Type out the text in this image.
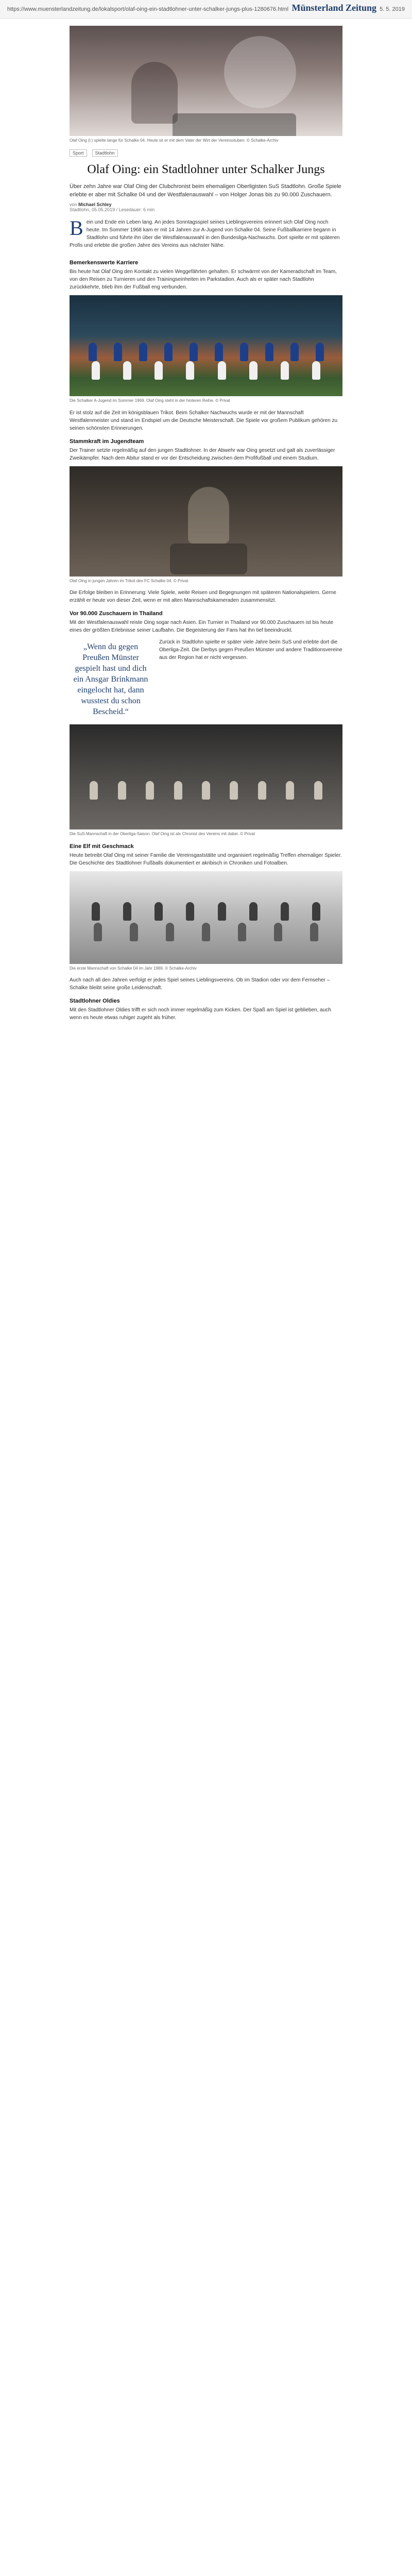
https://www.muensterlandzeitung.de/lokalsport/olaf-oing-ein-stadtlohner-unter-schalker-jungs-plus-1280676.html Münsterland Zeitung 5. 5. 2019
Olaf Oing (l.) spielte lange für Schalke 04. Heute ist er mit dem Vater der Wirt der Vereinsstuben. © Schalke-Archiv
Sport	Stadtlohn
Olaf Oing: ein Stadtlohner unter Schalker Jungs

Über zehn Jahre war Olaf Oing der Clubchronist beim ehemaligen Oberligisten SuS Stadtlohn. Große Spiele erlebte er aber mit Schalke 04 und der Westfalenauswahl – von Holger Jonas bis zu 90.000 Zuschauern.

von Michael Schley
Stadtlohn, 05.05.2019 / Lesedauer: 6 min

Bein und Ende ein Leben lang. An jedes Sonntagsspiel seines Lieblingsvereins erinnert sich Olaf Oing noch heute. Im Sommer 1968 kam er mit 14 Jahren zur A-Jugend von Schalke 04. Seine Fußballkarriere begann in Stadtlohn und führte ihn über die Westfalenauswahl in den Bundesliga-Nachwuchs. Dort spielte er mit späteren Profis und erlebte die großen Jahre des Vereins aus nächster Nähe.

Bemerkenswerte Karriere

Bis heute hat Olaf Oing den Kontakt zu vielen Weggefährten gehalten. Er schwärmt von der Kameradschaft im Team, von den Reisen zu Turnieren und den Trainingseinheiten im Parkstadion. Auch als er später nach Stadtlohn zurückkehrte, blieb ihm der Fußball eng verbunden.

Die Schalker A-Jugend im Sommer 1969. Olaf Oing steht in der hinteren Reihe. © Privat

Er ist stolz auf die Zeit im königsblauen Trikot. Beim Schalker Nachwuchs wurde er mit der Mannschaft Westfalenmeister und stand im Endspiel um die Deutsche Meisterschaft. Die Spiele vor großem Publikum gehören zu seinen schönsten Erinnerungen.

Stammkraft im Jugendteam

Der Trainer setzte regelmäßig auf den jungen Stadtlohner. In der Abwehr war Oing gesetzt und galt als zuverlässiger Zweikämpfer. Nach dem Abitur stand er vor der Entscheidung zwischen dem Profifußball und einem Studium.

Olaf Oing in jungen Jahren im Trikot des FC Schalke 04. © Privat

Die Erfolge bleiben in Erinnerung: Viele Spiele, weite Reisen und Begegnungen mit späteren Nationalspielern. Gerne erzählt er heute von dieser Zeit, wenn er mit alten Mannschaftskameraden zusammensitzt.

Vor 90.000 Zuschauern in Thailand

Mit der Westfalenauswahl reiste Oing sogar nach Asien. Ein Turnier in Thailand vor 90.000 Zuschauern ist bis heute eines der größten Erlebnisse seiner Laufbahn. Die Begeisterung der Fans hat ihn tief beeindruckt.

„Wenn du gegen Preußen Münster gespielt hast und dich ein Ansgar Brinkmann eingelocht hat, dann wusstest du schon Bescheid.“

Zurück in Stadtlohn spielte er später viele Jahre beim SuS und erlebte dort die Oberliga-Zeit. Die Derbys gegen Preußen Münster und andere Traditionsvereine aus der Region hat er nicht vergessen.

Die SuS-Mannschaft in der Oberliga-Saison. Olaf Oing ist als Chronist des Vereins mit dabei. © Privat
Eine Elf mit Geschmack

Heute betreibt Olaf Oing mit seiner Familie die Vereinsgaststätte und organisiert regelmäßig Treffen ehemaliger Spieler. Die Geschichte des Stadtlohner Fußballs dokumentiert er akribisch in Chroniken und Fotoalben.

Die erste Mannschaft von Schalke 04 im Jahr 1969. © Schalke-Archiv

Auch nach all den Jahren verfolgt er jedes Spiel seines Lieblingsvereins. Ob im Stadion oder vor dem Fernseher – Schalke bleibt seine große Leidenschaft.

Stadtlohner Oldies

Mit den Stadtlohner Oldies trifft er sich noch immer regelmäßig zum Kicken. Der Spaß am Spiel ist geblieben, auch wenn es heute etwas ruhiger zugeht als früher.
